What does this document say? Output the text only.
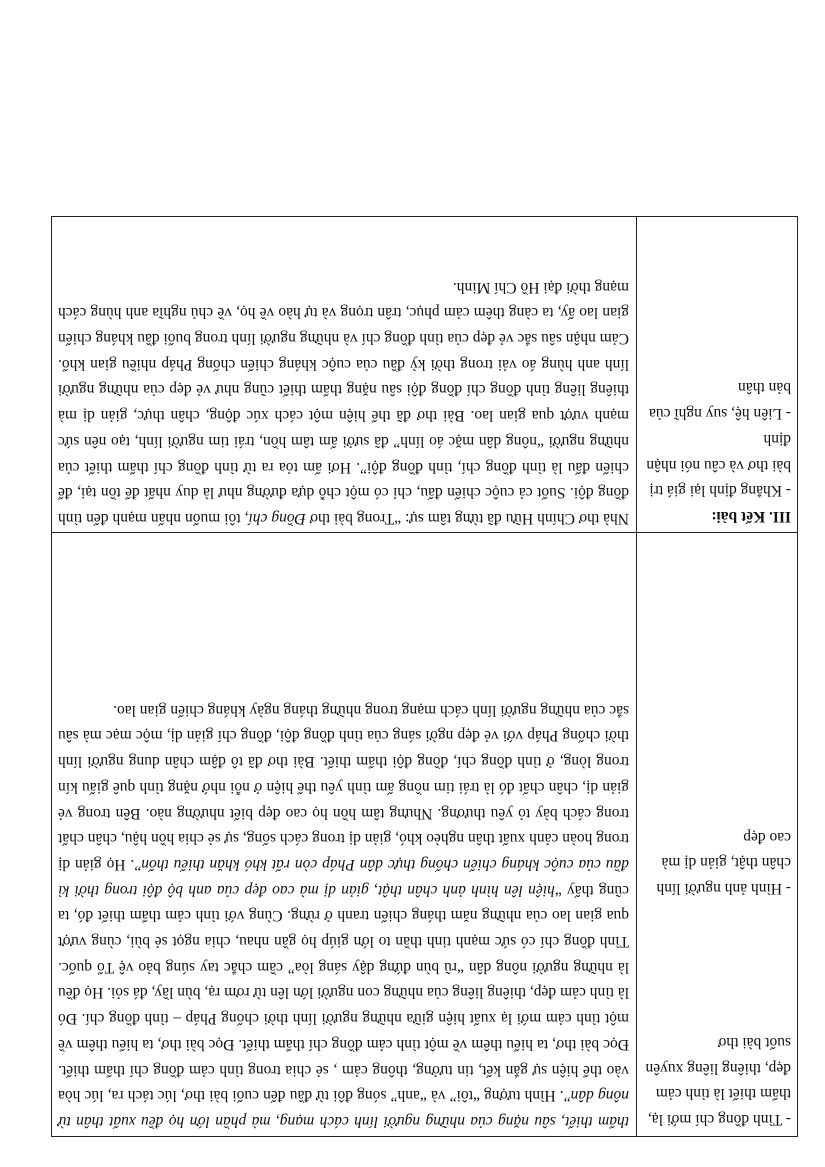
- Tình đồng chí mới lạ, thẩm thiết là tình cảm đẹp, thiêng liêng xuyên suốt bài thơ

- Hình ảnh người lính chân thật, giản dị mà cao đẹp

thẩm thiết, sâu nặng của những người lính cách mạng, mà phần lớn họ đều xuất thân từ nông dân”. Hình tượng “tôi” và “anh” sóng đôi từ đầu đến cuối bài thơ, lúc tách ra, lúc hòa vào thể hiện sự gắn kết, tin tưởng, thông cảm , sẻ chia trong tình cảm đồng chí thẩm thiết. Đọc bài thơ, ta hiểu thêm về một tình cảm đồng chí thẩm thiết. Đọc bài thơ, ta hiểu thêm về một tình cảm mới lạ xuất hiện giữa những người lính thời chống Pháp – tình đồng chí. Đó là tình cảm đẹp, thiêng liêng của những con người lớn lên từ rơm rạ, bùn lầy, đá sỏi. Họ đều là những người nông dân “rũ bùn đứng dậy sáng lòa” cầm chắc tay súng bảo vệ Tổ quốc. Tình đồng chí có sức mạnh tinh thần to lớn giúp họ gần nhau, chia ngọt sẻ bùi, cùng vượt qua gian lao của những năm tháng chiến tranh ở rừng. Cùng với tình cảm thẩm thiết đó, ta cũng thấy “hiện lên hình ảnh chân thật, giản dị mà cao đẹp của anh bộ đội trong thời kì đầu của cuộc kháng chiến chống thực dân Pháp còn rất khó khăn thiếu thốn”. Họ giản dị trong hoàn cảnh xuất thân nghèo khó, giản dị trong cách sống, sự sẻ chia hồn hậu, chân chất trong cách bày tỏ yêu thương. Nhưng tâm hồn họ cao đẹp biết nhường nào. Bên trong vẻ giản dị, chân chất đó là trái tim nồng ấm tình yêu thể hiện ở nỗi nhớ nặng tình quê giấu kín trong lòng, ở tình đồng chí, đồng đội thẩm thiết. Bài thơ đã tô đậm chân dung người lính thời chống Pháp với vẻ đẹp ngời sáng của tình đồng đội, đồng chí giản dị, mộc mạc mà sâu sắc của những người lính cách mạng trong những tháng ngày kháng chiến gian lao.

III. Kết bài:

- Khẳng định lại giá trị bài thơ và câu nói nhận định

- Liên hệ, suy nghĩ của bản thân

Nhà thơ Chính Hữu đã từng tâm sự: “Trong bài thơ Đồng chí, tôi muốn nhấn mạnh đến tình đồng đội. Suốt cả cuộc chiến đấu, chỉ có một chỗ dựa đường như là duy nhất để tồn tại, để chiến đấu là tình đồng chí, tình đồng đội”. Hơi ấm tỏa ra từ tình đồng chí thẩm thiết của những người “nông dân mặc áo lính” đã sưởi ấm tâm hồn, trái tim người lính, tạo nên sức mạnh vượt qua gian lao. Bài thơ đã thể hiện một cách xúc động, chân thực, giản dị mà thiêng liêng tình đồng chí đồng đội sâu nặng thẩm thiết cũng như vẻ đẹp của những người lính anh hùng áo vải trong thời kỳ đầu của cuộc kháng chiến chống Pháp nhiều gian khổ. Cảm nhận sâu sắc vẻ đẹp của tình đồng chí và những người lính trong buổi đầu kháng chiến gian lao ấy, ta càng thêm cảm phục, trân trọng và tự hào về họ, về chủ nghĩa anh hùng cách mạng thời đại Hồ Chí Minh.
